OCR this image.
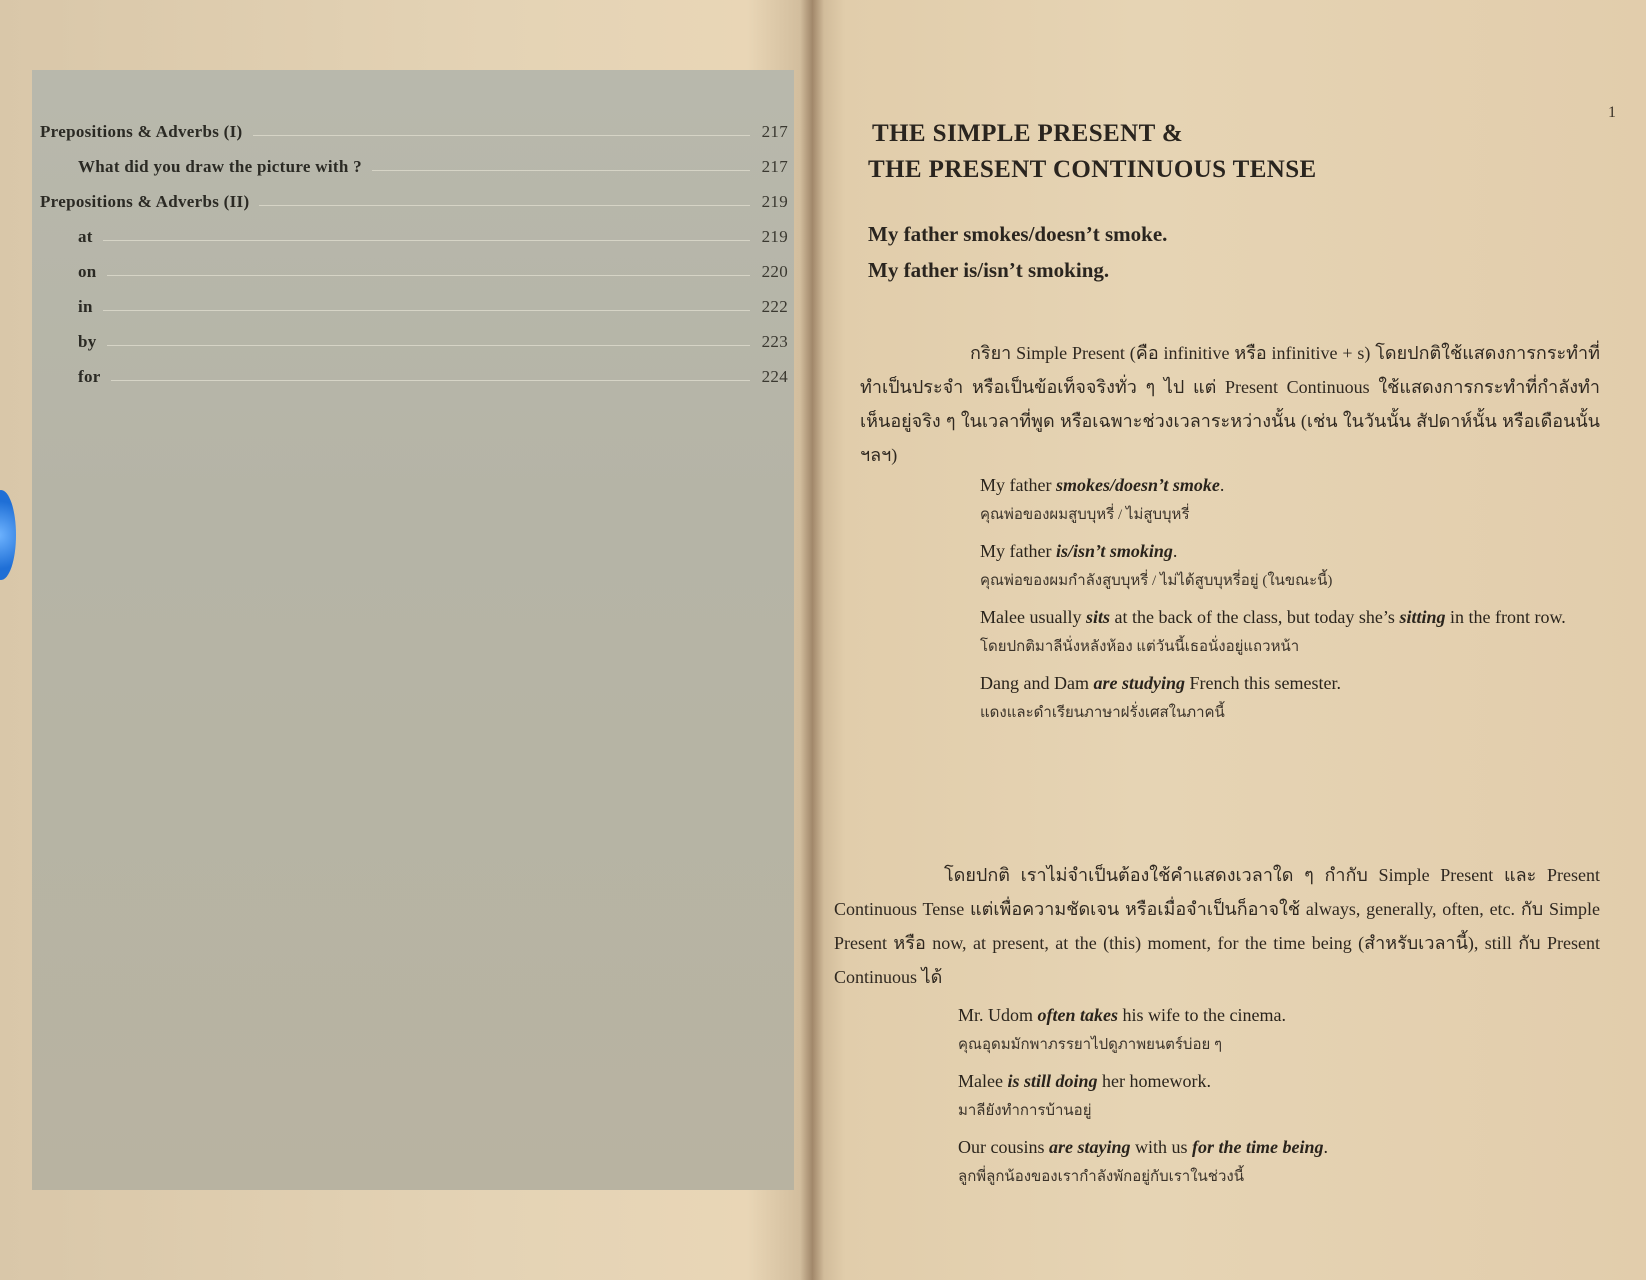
Prepositions & Adverbs (I)	217
What did you draw the picture with ?	217
Prepositions & Adverbs (II)	219
at	219
on	220
in	222
by	223
for	224
1
THE SIMPLE PRESENT &
THE PRESENT CONTINUOUS TENSE
My father smokes/doesn’t smoke.
My father is/isn’t smoking.
กริยา Simple Present (คือ infinitive หรือ infinitive + s) โดยปกติใช้แสดงการกระทำที่ทำเป็นประจำ หรือเป็นข้อเท็จจริงทั่ว ๆ ไป แต่ Present Continuous ใช้แสดงการกระทำที่กำลังทำเห็นอยู่จริง ๆ ในเวลาที่พูด หรือเฉพาะช่วงเวลาระหว่างนั้น (เช่น ในวันนั้น สัปดาห์นั้น หรือเดือนนั้น ฯลฯ)
My father smokes/doesn’t smoke.
คุณพ่อของผมสูบบุหรี่ / ไม่สูบบุหรี่
My father is/isn’t smoking.
คุณพ่อของผมกำลังสูบบุหรี่ / ไม่ได้สูบบุหรี่อยู่ (ในขณะนี้)
Malee usually sits at the back of the class, but today she’s sitting in the front row.
โดยปกติมาลีนั่งหลังห้อง แต่วันนี้เธอนั่งอยู่แถวหน้า
Dang and Dam are studying French this semester.
แดงและดำเรียนภาษาฝรั่งเศสในภาคนี้
โดยปกติ เราไม่จำเป็นต้องใช้คำแสดงเวลาใด ๆ กำกับ Simple Present และ Present Continuous Tense แต่เพื่อความชัดเจน หรือเมื่อจำเป็นก็อาจใช้ always, generally, often, etc. กับ Simple Present หรือ now, at present, at the (this) moment, for the time being (สำหรับเวลานี้), still กับ Present Continuous ได้
Mr. Udom often takes his wife to the cinema.
คุณอุดมมักพาภรรยาไปดูภาพยนตร์บ่อย ๆ
Malee is still doing her homework.
มาลียังทำการบ้านอยู่
Our cousins are staying with us for the time being.
ลูกพี่ลูกน้องของเรากำลังพักอยู่กับเราในช่วงนี้
